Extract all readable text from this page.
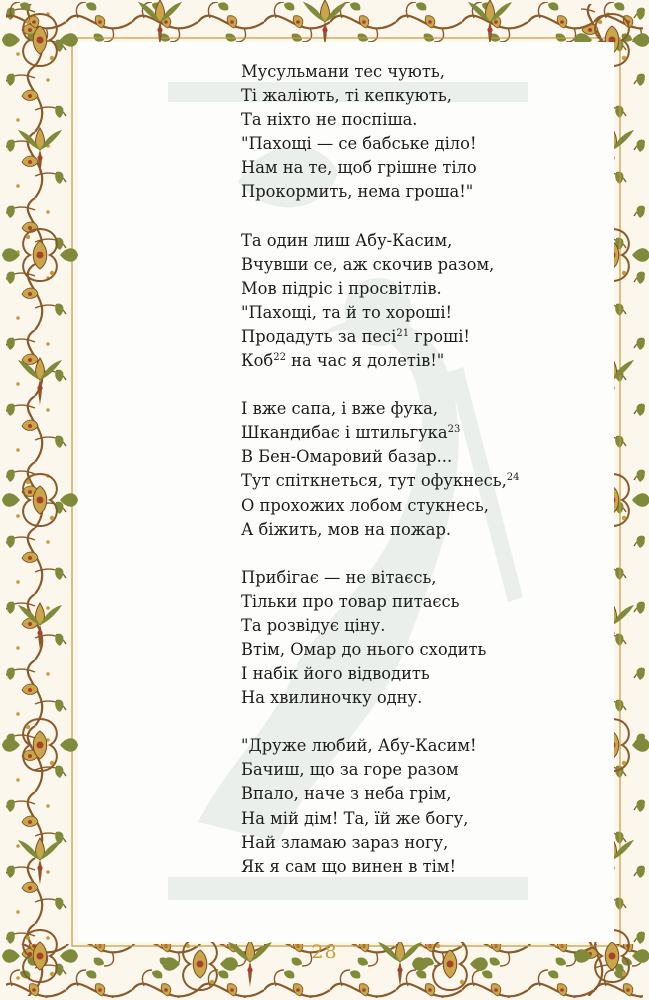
Мусульмани тес чують,
Ті жаліють, ті кепкують,
Та ніхто не поспіша.
"Пахощі — се бабське діло!
Нам на те, щоб грішне тіло
Прокормить, нема гроша!"
Та один лиш Абу-Касим,
Вчувши се, аж скочив разом,
Мов підріс і просвітлів.
"Пахощі, та й то хороші!
Продадуть за песі$^{21}$ гроші!
Коб$^{22}$ на час я долетів!"
І вже сапа, і вже фука,
Шкандибає і штильгука$^{23}$
В Бен-Омаровий базар...
Тут спіткнеться, тут офукнесь,$^{24}$
О прохожих лобом стукнесь,
А біжить, мов на пожар.
Прибігає — не вітаєсь,
Тільки про товар питаєсь
Та розвідує ціну.
Втім, Омар до нього сходить
І набік його відводить
На хвилиночку одну.
"Друже любий, Абу-Касим!
Бачиш, що за горе разом
Впало, наче з неба грім,
На мій дім! Та, їй же богу,
Най зламаю зараз ногу,
Як я сам що винен в тім!
28
